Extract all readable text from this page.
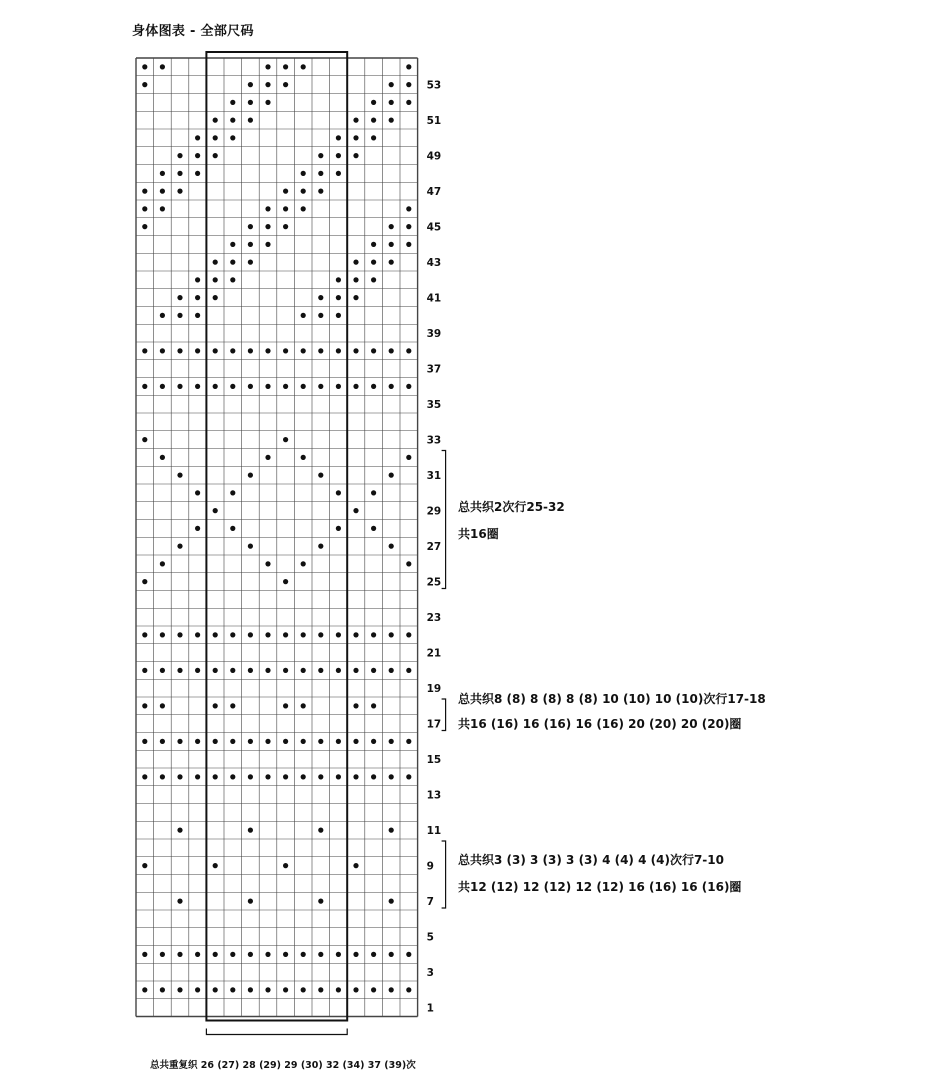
身体图表 - 全部尺码
1
3
5
7
9
11
13
15
17
19
21
23
25
27
29
31
33
35
37
39
41
43
45
47
49
51
53
总共织2次行25-32
共16圈
总共织8 (8) 8 (8) 8 (8) 10 (10) 10 (10)次行17-18
共16 (16) 16 (16) 16 (16) 20 (20) 20 (20)圈
总共织3 (3) 3 (3) 3 (3) 4 (4) 4 (4)次行7-10
共12 (12) 12 (12) 12 (12) 16 (16) 16 (16)圈
总共重复织 26 (27) 28 (29) 29 (30) 32 (34) 37 (39)次
